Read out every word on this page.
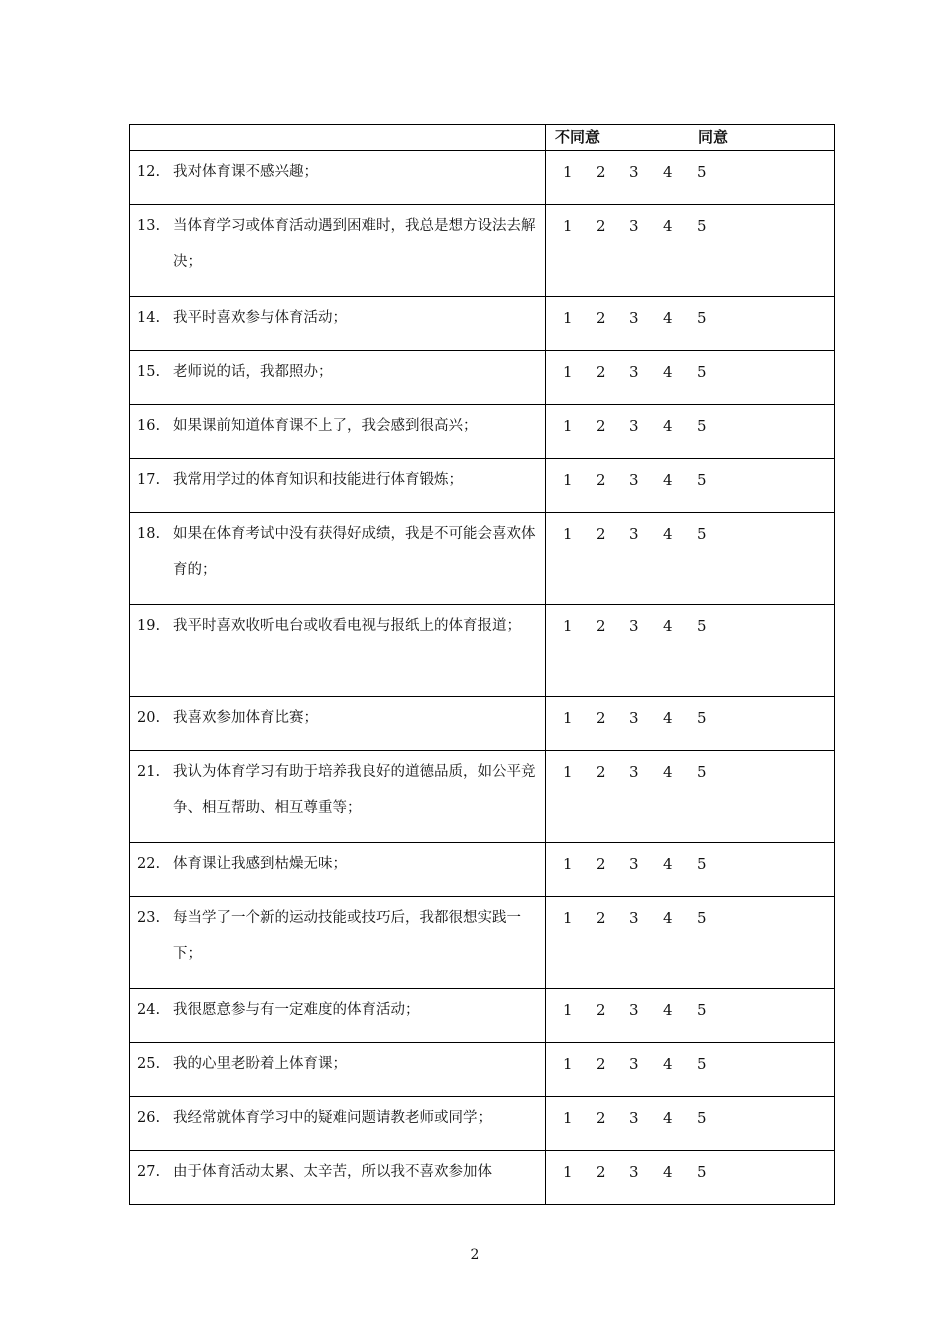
	不同意 同意

12. 我对体育课不感兴趣；	1 2 3 4 5

13. 当体育学习或体育活动遇到困难时，我总是想方设法去解决；	1 2 3 4 5

14. 我平时喜欢参与体育活动；	1 2 3 4 5

15. 老师说的话，我都照办；	1 2 3 4 5

16. 如果课前知道体育课不上了，我会感到很高兴；	1 2 3 4 5

17. 我常用学过的体育知识和技能进行体育锻炼；	1 2 3 4 5

18. 如果在体育考试中没有获得好成绩，我是不可能会喜欢体育的；	1 2 3 4 5

19. 我平时喜欢收听电台或收看电视与报纸上的体育报道；	1 2 3 4 5

20. 我喜欢参加体育比赛；	1 2 3 4 5

21. 我认为体育学习有助于培养我良好的道德品质，如公平竞争、相互帮助、相互尊重等；	1 2 3 4 5

22. 体育课让我感到枯燥无味；	1 2 3 4 5

23. 每当学了一个新的运动技能或技巧后，我都很想实践一下；	1 2 3 4 5

24. 我很愿意参与有一定难度的体育活动；	1 2 3 4 5

25. 我的心里老盼着上体育课；	1 2 3 4 5

26. 我经常就体育学习中的疑难问题请教老师或同学；	1 2 3 4 5

27. 由于体育活动太累、太辛苦，所以我不喜欢参加体	1 2 3 4 5
2
